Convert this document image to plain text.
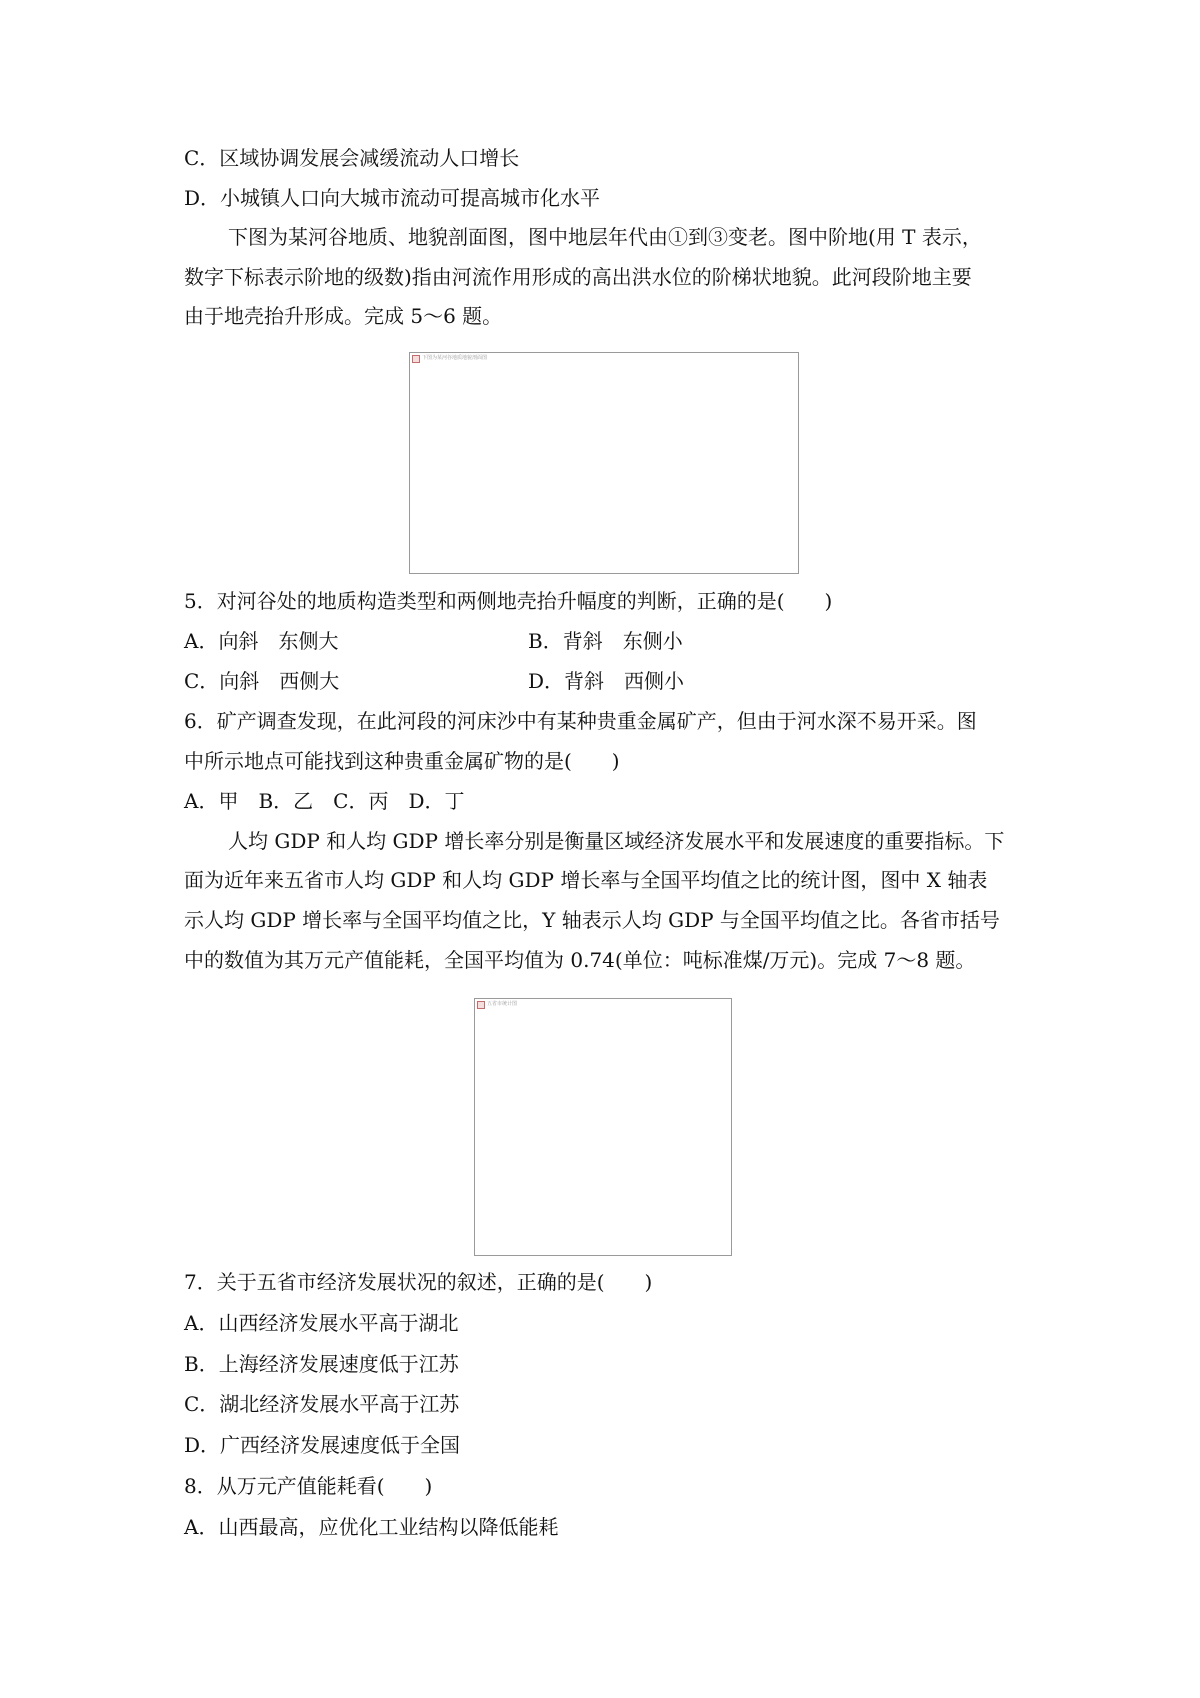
C．区域协调发展会减缓流动人口增长
D．小城镇人口向大城市流动可提高城市化水平
下图为某河谷地质、地貌剖面图，图中地层年代由①到③变老。图中阶地(用 T 表示，
数字下标表示阶地的级数)指由河流作用形成的高出洪水位的阶梯状地貌。此河段阶地主要
由于地壳抬升形成。完成 5～6 题。
下图为某河谷地质地貌剖面图
5．对河谷处的地质构造类型和两侧地壳抬升幅度的判断，正确的是(　　)
A．向斜　东侧大	B．背斜　东侧小
C．向斜　西侧大	D．背斜　西侧小
6．矿产调查发现，在此河段的河床沙中有某种贵重金属矿产，但由于河水深不易开采。图
中所示地点可能找到这种贵重金属矿物的是(　　)
A．甲　B．乙　C．丙　D．丁
人均 GDP 和人均 GDP 增长率分别是衡量区域经济发展水平和发展速度的重要指标。下
面为近年来五省市人均 GDP 和人均 GDP 增长率与全国平均值之比的统计图，图中 X 轴表
示人均 GDP 增长率与全国平均值之比，Y 轴表示人均 GDP 与全国平均值之比。各省市括号
中的数值为其万元产值能耗，全国平均值为 0.74(单位：吨标准煤/万元)。完成 7～8 题。
五省市统计图
7．关于五省市经济发展状况的叙述，正确的是(　　)
A．山西经济发展水平高于湖北
B．上海经济发展速度低于江苏
C．湖北经济发展水平高于江苏
D．广西经济发展速度低于全国
8．从万元产值能耗看(　　)
A．山西最高，应优化工业结构以降低能耗
